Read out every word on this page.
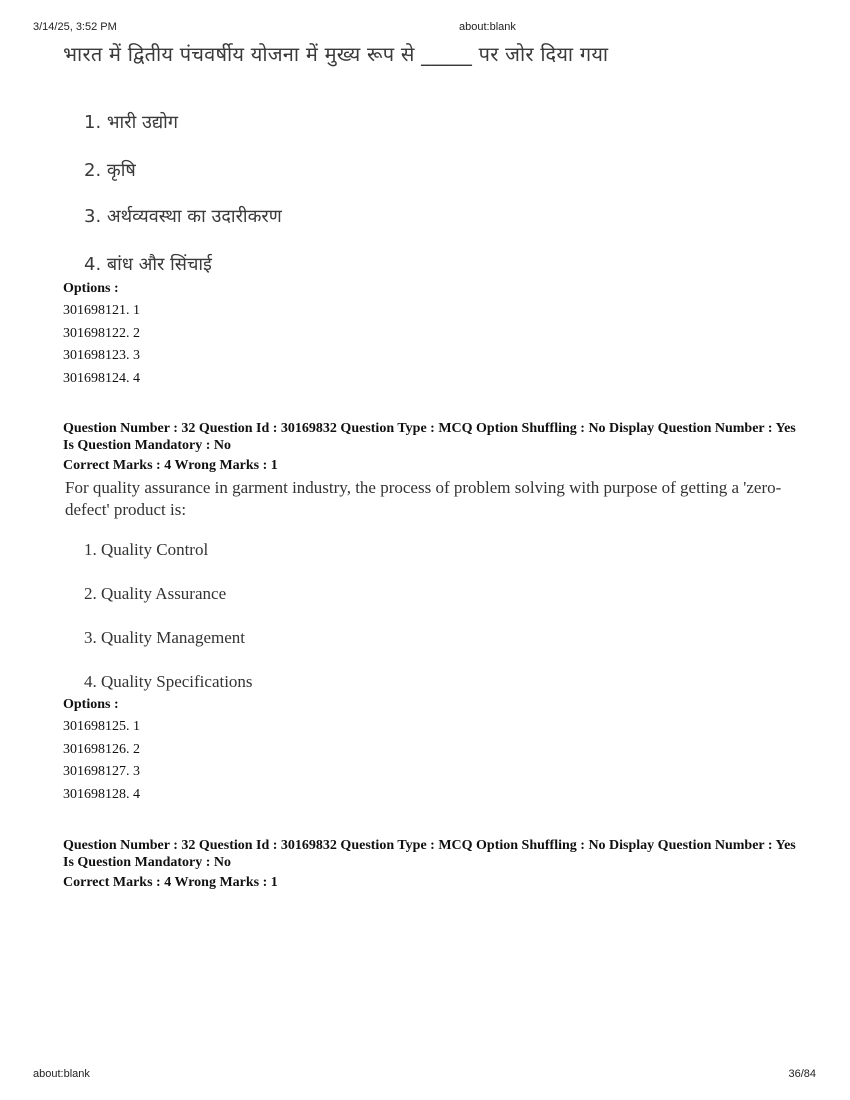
3/14/25, 3:52 PM	about:blank
about:blank	36/84
भारत में द्वितीय पंचवर्षीय योजना में मुख्य रूप से _____ पर जोर दिया गया
1. भारी उद्योग
2. कृषि
3. अर्थव्यवस्था का उदारीकरण
4. बांध और सिंचाई
Options :
301698121. 1
301698122. 2
301698123. 3
301698124. 4
Question Number : 32 Question Id : 30169832 Question Type : MCQ Option Shuffling : No Display Question Number : Yes Is Question Mandatory : No
Correct Marks : 4 Wrong Marks : 1
For quality assurance in garment industry, the process of problem solving with purpose of getting a 'zero-defect' product is:
1. Quality Control
2. Quality Assurance
3. Quality Management
4. Quality Specifications
Options :
301698125. 1
301698126. 2
301698127. 3
301698128. 4
Question Number : 32 Question Id : 30169832 Question Type : MCQ Option Shuffling : No Display Question Number : Yes Is Question Mandatory : No
Correct Marks : 4 Wrong Marks : 1
